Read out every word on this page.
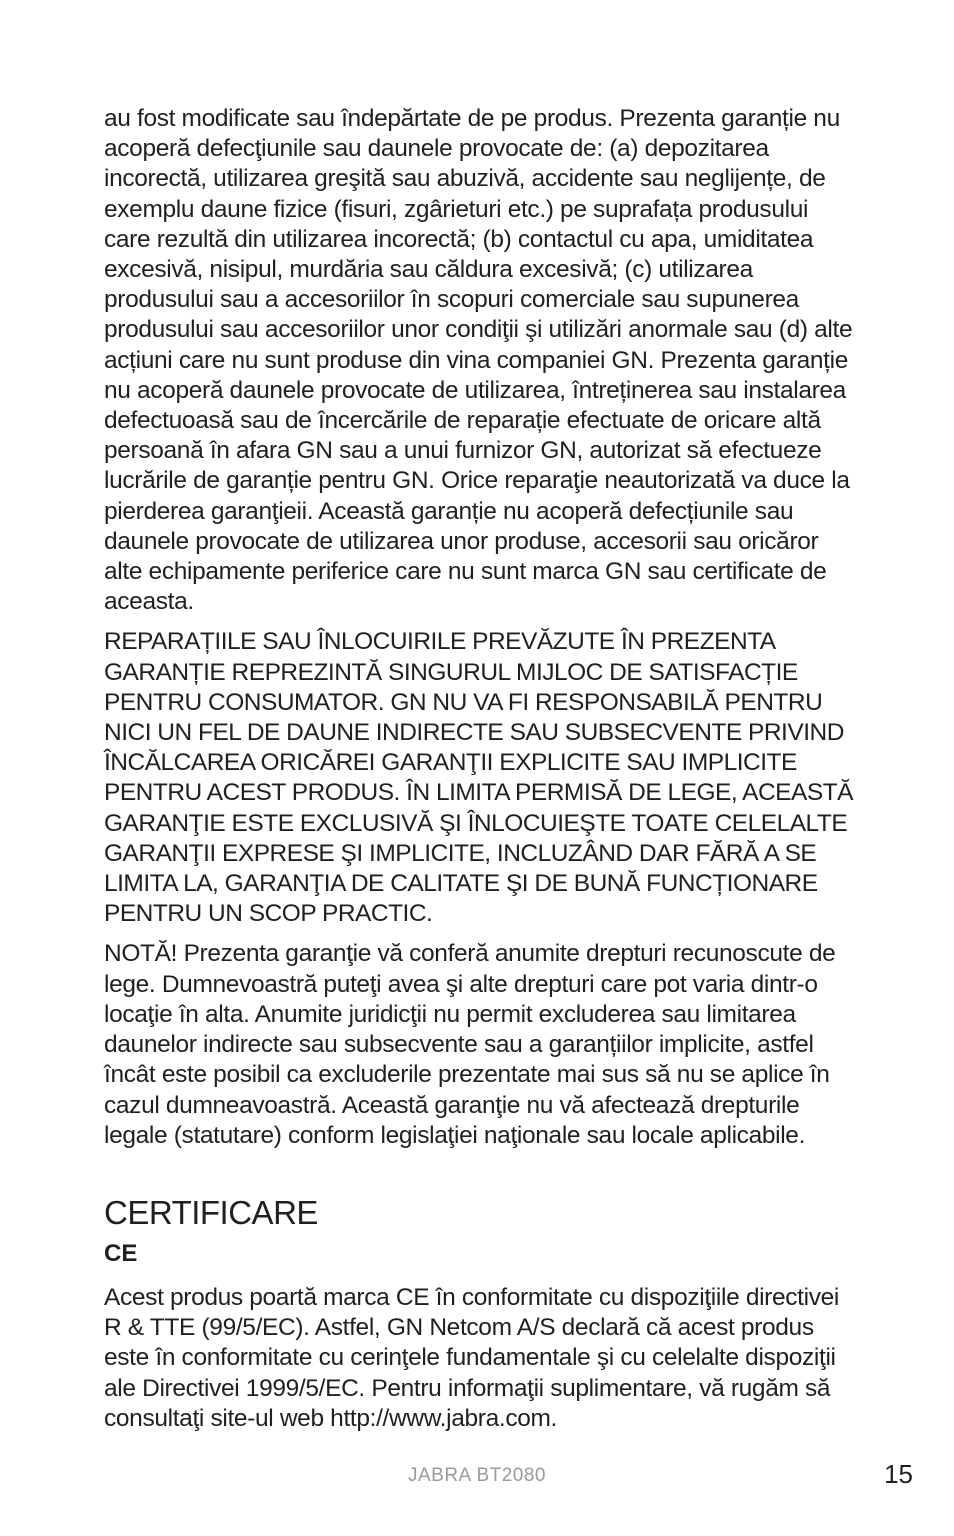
au fost modificate sau îndepărtate de pe produs. Prezenta garanție nu acoperă defecţiunile sau daunele provocate de: (a) depozitarea incorectă, utilizarea greşită sau abuzivă, accidente sau neglijențe, de exemplu daune fizice (fisuri, zgârieturi etc.) pe suprafața produsului care rezultă din utilizarea incorectă; (b) contactul cu apa, umiditatea excesivă, nisipul, murdăria sau căldura excesivă; (c) utilizarea produsului sau a accesoriilor în scopuri comerciale sau supunerea produsului sau accesoriilor unor condiţii şi utilizări anormale sau (d) alte acțiuni care nu sunt produse din vina companiei GN. Prezenta garanție nu acoperă daunele provocate de utilizarea, întreținerea sau instalarea defectuoasă sau de încercările de reparație efectuate de oricare altă persoană în afara GN sau a unui furnizor GN, autorizat să efectueze lucrările de garanție pentru GN. Orice reparaţie neautorizată va duce la pierderea garanţieii. Această garanție nu acoperă defecțiunile sau daunele provocate de utilizarea unor produse, accesorii sau oricăror alte echipamente periferice care nu sunt marca GN sau certificate de aceasta.

REPARAȚIILE SAU ÎNLOCUIRILE PREVĂZUTE ÎN PREZENTA GARANȚIE REPREZINTĂ SINGURUL MIJLOC DE SATISFACȚIE PENTRU CONSUMATOR. GN NU VA FI RESPONSABILĂ PENTRU NICI UN FEL DE DAUNE INDIRECTE SAU SUBSECVENTE PRIVIND ÎNCĂLCAREA ORICĂREI GARANŢII EXPLICITE SAU IMPLICITE PENTRU ACEST PRODUS. ÎN LIMITA PERMISĂ DE LEGE, ACEASTĂ GARANŢIE ESTE EXCLUSIVĂ ŞI ÎNLOCUIEŞTE TOATE CELELALTE GARANŢII EXPRESE ŞI IMPLICITE, INCLUZÂND DAR FĂRĂ A SE LIMITA LA, GARANŢIA DE CALITATE ŞI DE BUNĂ FUNCȚIONARE PENTRU UN SCOP PRACTIC.

NOTĂ! Prezenta garanţie vă conferă anumite drepturi recunoscute de lege. Dumnevoastră puteţi avea şi alte drepturi care pot varia dintr-o locaţie în alta. Anumite juridicţii nu permit excluderea sau limitarea daunelor indirecte sau subsecvente sau a garanțiilor implicite, astfel încât este posibil ca excluderile prezentate mai sus să nu se aplice în cazul dumneavoastră. Această garanţie nu vă afectează drepturile legale (statutare) conform legislaţiei naţionale sau locale aplicabile.

CERTIFICARE
CE

Acest produs poartă marca CE în conformitate cu dispoziţiile directivei R & TTE (99/5/EC). Astfel, GN Netcom A/S declară că acest produs este în conformitate cu cerinţele fundamentale şi cu celelalte dispoziţii ale Directivei 1999/5/EC. Pentru informaţii suplimentare, vă rugăm să consultaţi site-ul web http://www.jabra.com.

JABRA BT2080	15
